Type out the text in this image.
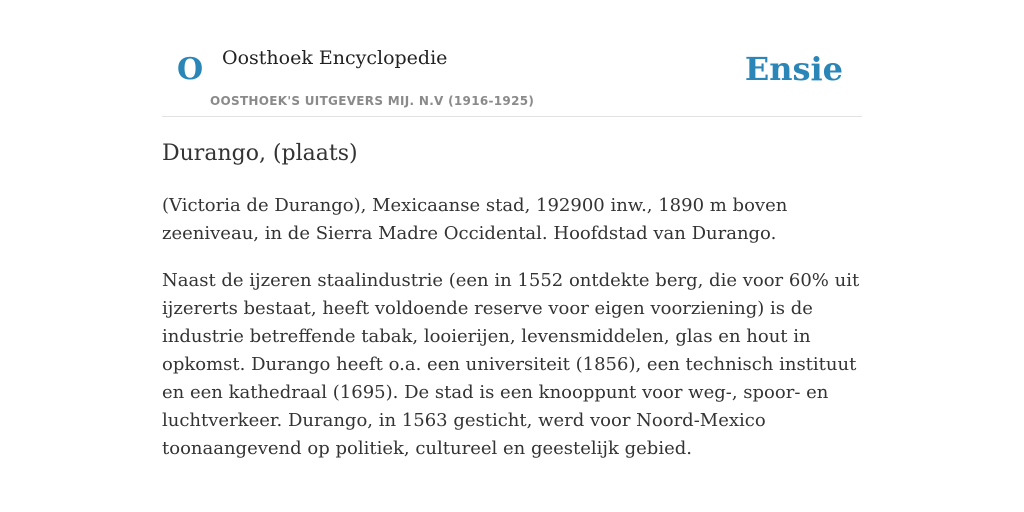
O Oosthoek Encyclopedie
OOSTHOEK'S UITGEVERS MIJ. N.V (1916-1925)
Ensie
Durango, (plaats)

(Victoria de Durango), Mexicaanse stad, 192900 inw., 1890 m boven zeeniveau, in de Sierra Madre Occidental. Hoofdstad van Durango.

Naast de ijzeren staalindustrie (een in 1552 ontdekte berg, die voor 60% uit ijzererts bestaat, heeft voldoende reserve voor eigen voorziening) is de industrie betreffende tabak, looierijen, levensmiddelen, glas en hout in opkomst. Durango heeft o.a. een universiteit (1856), een technisch instituut en een kathedraal (1695). De stad is een knooppunt voor weg-, spoor- en luchtverkeer. Durango, in 1563 gesticht, werd voor Noord-Mexico toonaangevend op politiek, cultureel en geestelijk gebied.
